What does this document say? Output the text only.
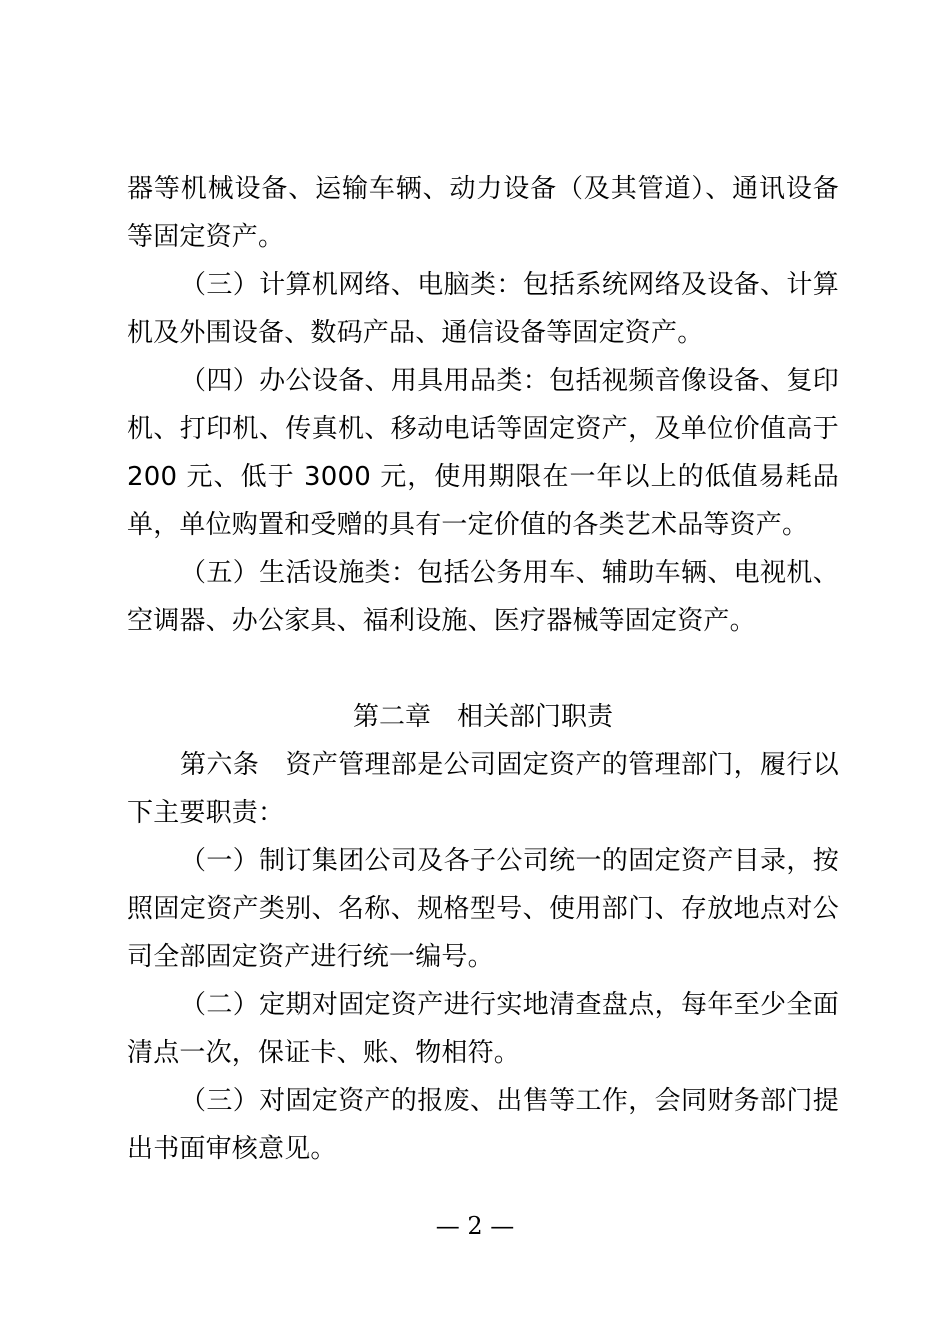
器等机械设备、运输车辆、动力设备（及其管道）、通讯设备等固定资产。

（三）计算机网络、电脑类：包括系统网络及设备、计算机及外围设备、数码产品、通信设备等固定资产。

（四）办公设备、用具用品类：包括视频音像设备、复印机、打印机、传真机、移动电话等固定资产，及单位价值高于 200 元、低于 3000 元，使用期限在一年以上的低值易耗品单，单位购置和受赠的具有一定价值的各类艺术品等资产。

（五）生活设施类：包括公务用车、辅助车辆、电视机、空调器、办公家具、福利设施、医疗器械等固定资产。

第二章　相关部门职责

第六条　资产管理部是公司固定资产的管理部门，履行以下主要职责：

（一）制订集团公司及各子公司统一的固定资产目录，按照固定资产类别、名称、规格型号、使用部门、存放地点对公司全部固定资产进行统一编号。

（二）定期对固定资产进行实地清查盘点，每年至少全面清点一次，保证卡、账、物相符。

（三）对固定资产的报废、出售等工作，会同财务部门提出书面审核意见。

— 2 —
